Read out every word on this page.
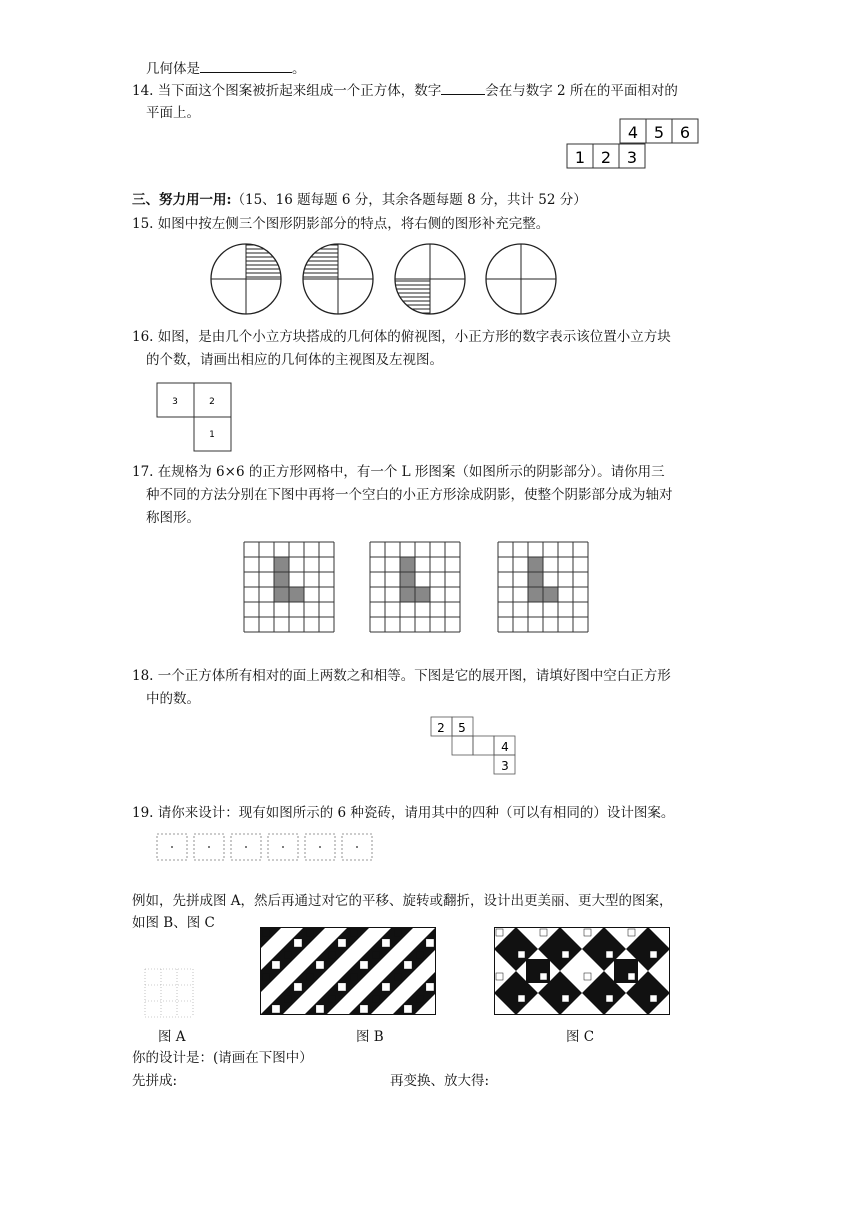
几何体是	。
14. 当下面这个图案被折起来组成一个正方体，数字	会在与数字 2 所在的平面相对的
平面上。
4 5 6
1 2 3
三、努力用一用:（15、16 题每题 6 分，其余各题每题 8 分，共计 52 分）
15. 如图中按左侧三个图形阴影部分的特点，将右侧的图形补充完整。
16. 如图，是由几个小立方块搭成的几何体的俯视图，小正方形的数字表示该位置小立方块
的个数，请画出相应的几何体的主视图及左视图。
3	2
1
17. 在规格为 6×6 的正方形网格中，有一个 L 形图案（如图所示的阴影部分）。请你用三
种不同的方法分别在下图中再将一个空白的小正方形涂成阴影，使整个阴影部分成为轴对
称图形。
18. 一个正方体所有相对的面上两数之和相等。下图是它的展开图，请填好图中空白正方形
中的数。
2 5
4
3
19. 请你来设计：现有如图所示的 6 种瓷砖，请用其中的四种（可以有相同的）设计图案。
例如，先拼成图 A，然后再通过对它的平移、旋转或翻折，设计出更美丽、更大型的图案，
如图 B、图 C
图 A	图 B	图 C
你的设计是：(请画在下图中）
先拼成:	再变换、放大得:
